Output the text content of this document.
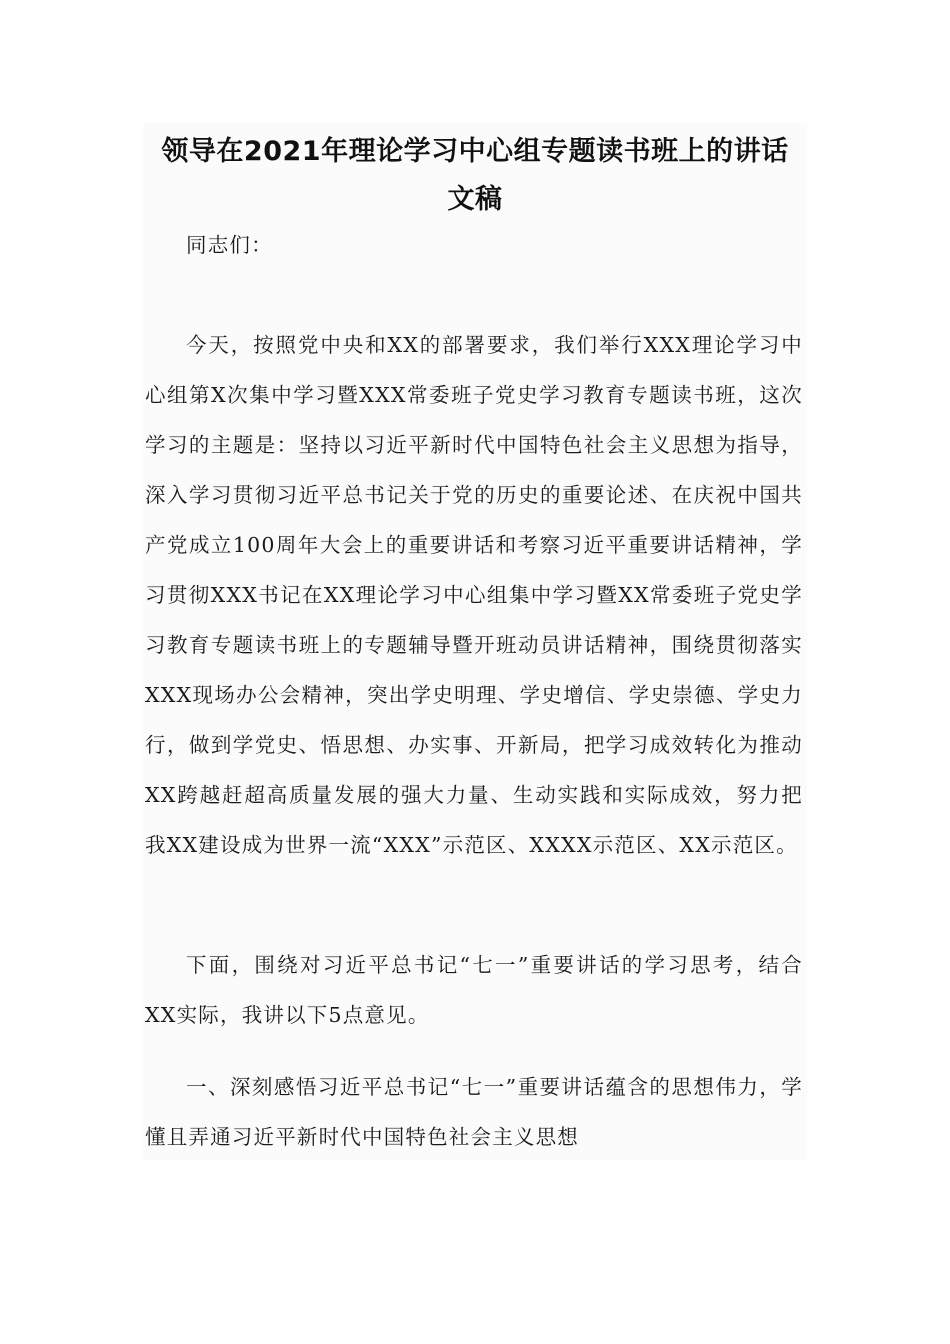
领导在2021年理论学习中心组专题读书班上的讲话
文稿

同志们：

今天，按照党中央和XX的部署要求，我们举行XXX理论学习中心组第X次集中学习暨XXX常委班子党史学习教育专题读书班，这次学习的主题是：坚持以习近平新时代中国特色社会主义思想为指导，深入学习贯彻习近平总书记关于党的历史的重要论述、在庆祝中国共产党成立100周年大会上的重要讲话和考察习近平重要讲话精神，学习贯彻XXX书记在XX理论学习中心组集中学习暨XX常委班子党史学习教育专题读书班上的专题辅导暨开班动员讲话精神，围绕贯彻落实XXX现场办公会精神，突出学史明理、学史增信、学史崇德、学史力行，做到学党史、悟思想、办实事、开新局，把学习成效转化为推动XX跨越赶超高质量发展的强大力量、生动实践和实际成效，努力把我XX建设成为世界一流“XXX”示范区、XXXX示范区、XX示范区。

下面，围绕对习近平总书记“七一”重要讲话的学习思考，结合XX实际，我讲以下5点意见。

一、深刻感悟习近平总书记“七一”重要讲话蕴含的思想伟力，学懂且弄通习近平新时代中国特色社会主义思想
